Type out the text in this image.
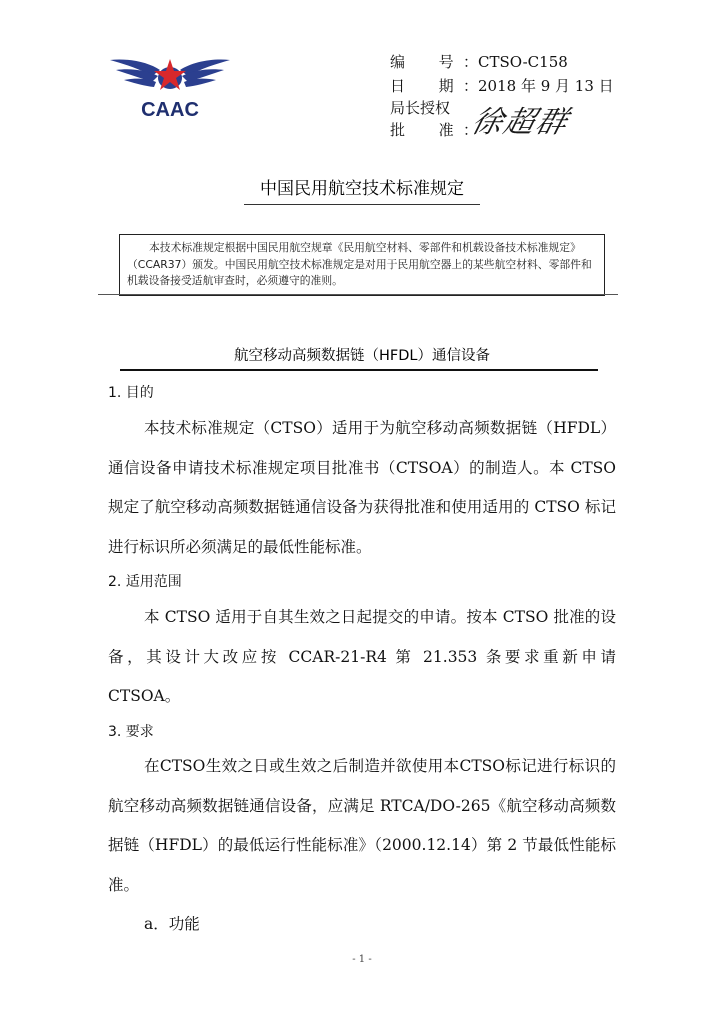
CAAC
编　号：CTSO-C158
日　期：2018 年 9 月 13 日
局长授权
批　准：
徐超群
中国民用航空技术标准规定
本技术标准规定根据中国民用航空规章《民用航空材料、零部件和机载设备技术标准规定》（CCAR37）颁发。中国民用航空技术标准规定是对用于民用航空器上的某些航空材料、零部件和机载设备接受适航审查时，必须遵守的准则。
航空移动高频数据链（HFDL）通信设备
1. 目的
本技术标准规定（CTSO）适用于为航空移动高频数据链（HFDL）通信设备申请技术标准规定项目批准书（CTSOA）的制造人。本 CTSO 规定了航空移动高频数据链通信设备为获得批准和使用适用的 CTSO 标记进行标识所必须满足的最低性能标准。
2. 适用范围
本 CTSO 适用于自其生效之日起提交的申请。按本 CTSO 批准的设备，其设计大改应按 CCAR-21-R4 第 21.353 条要求重新申请 CTSOA。
3. 要求
在CTSO生效之日或生效之后制造并欲使用本CTSO标记进行标识的航空移动高频数据链通信设备，应满足 RTCA/DO-265《航空移动高频数据链（HFDL）的最低运行性能标准》（2000.12.14）第 2 节最低性能标准。
a．功能
- 1 -
